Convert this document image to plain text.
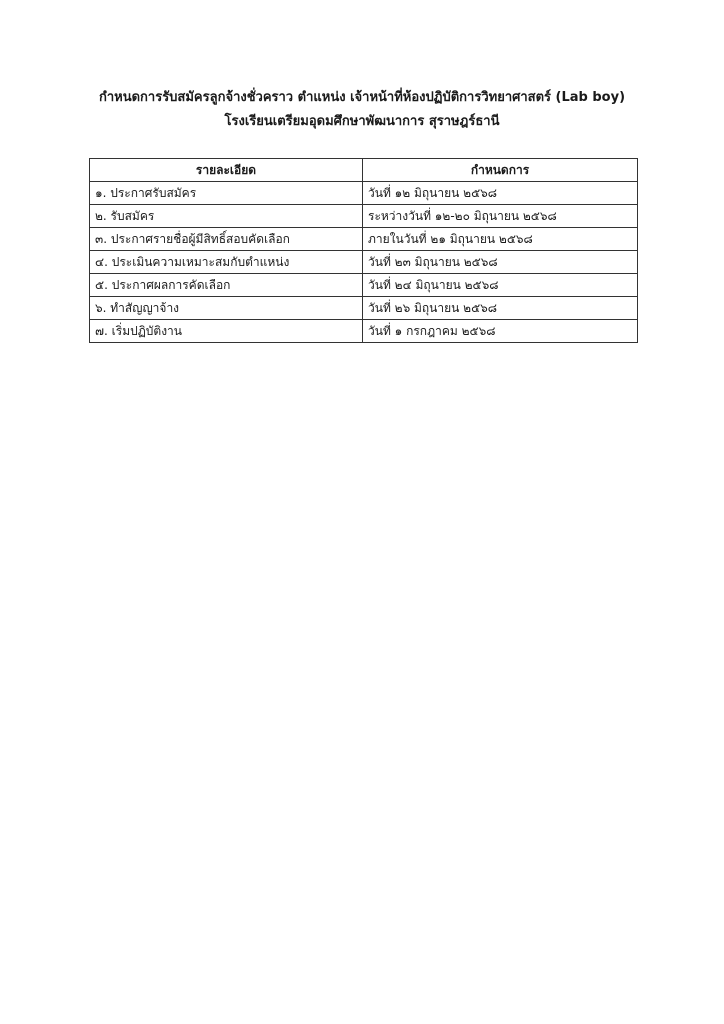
กำหนดการรับสมัครลูกจ้างชั่วคราว ตำแหน่ง เจ้าหน้าที่ห้องปฏิบัติการวิทยาศาสตร์ (Lab boy)
โรงเรียนเตรียมอุดมศึกษาพัฒนาการ สุราษฎร์ธานี
รายละเอียด	กำหนดการ
๑. ประกาศรับสมัคร	วันที่ ๑๒ มิถุนายน ๒๕๖๘
๒. รับสมัคร	ระหว่างวันที่ ๑๒-๒๐ มิถุนายน ๒๕๖๘
๓. ประกาศรายชื่อผู้มีสิทธิ์สอบคัดเลือก	ภายในวันที่ ๒๑ มิถุนายน ๒๕๖๘
๔. ประเมินความเหมาะสมกับตำแหน่ง	วันที่ ๒๓ มิถุนายน ๒๕๖๘
๕. ประกาศผลการคัดเลือก	วันที่ ๒๔ มิถุนายน ๒๕๖๘
๖. ทำสัญญาจ้าง	วันที่ ๒๖ มิถุนายน ๒๕๖๘
๗. เริ่มปฏิบัติงาน	วันที่ ๑ กรกฎาคม ๒๕๖๘
